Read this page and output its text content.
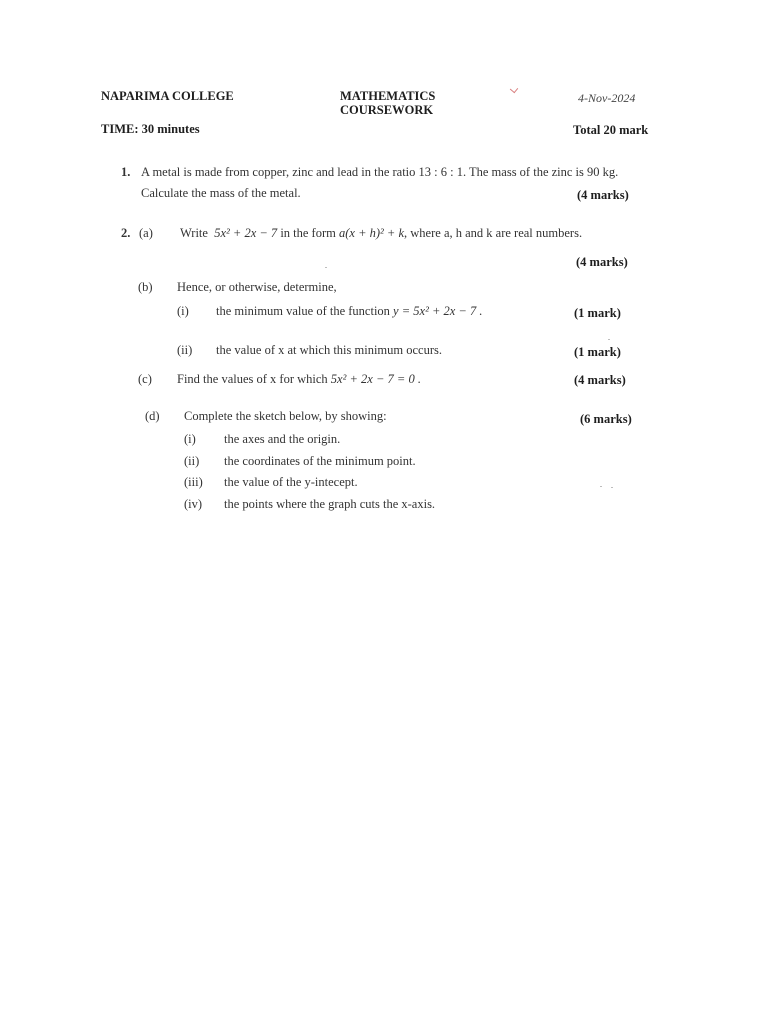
NAPARIMA COLLEGE	MATHEMATICS
COURSEWORK
4-Nov-2024
TIME: 30 minutes	Total 20 mark
1. A metal is made from copper, zinc and lead in the ratio 13 : 6 : 1. The mass of the zinc is 90 kg.
Calculate the mass of the metal.	(4 marks)
2. (a) Write 5x² + 2x − 7 in the form a(x + h)² + k, where a, h and k are real numbers.
(4 marks)
(b) Hence, or otherwise, determine,
(i) the minimum value of the function y = 5x² + 2x − 7 .	(1 mark)
(ii) the value of x at which this minimum occurs.	(1 mark)
(c) Find the values of x for which 5x² + 2x − 7 = 0 .	(4 marks)
(d) Complete the sketch below, by showing:	(6 marks)
(i) the axes and the origin.
(ii) the coordinates of the minimum point.
(iii) the value of the y-intecept.
(iv) the points where the graph cuts the x-axis.
